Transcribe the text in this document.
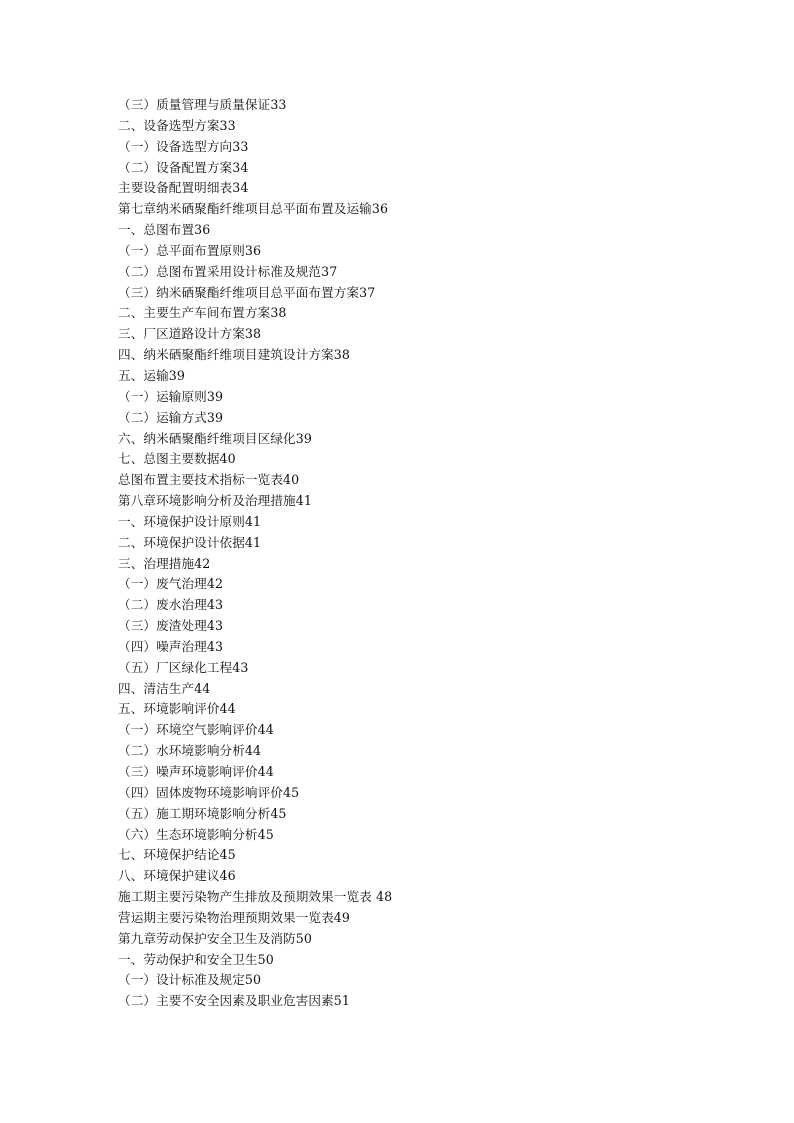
（三）质量管理与质量保证33
二、设备选型方案33
（一）设备选型方向33
（二）设备配置方案34
主要设备配置明细表34
第七章纳米硒聚酯纤维项目总平面布置及运输36
一、总图布置36
（一）总平面布置原则36
（二）总图布置采用设计标准及规范37
（三）纳米硒聚酯纤维项目总平面布置方案37
二、主要生产车间布置方案38
三、厂区道路设计方案38
四、纳米硒聚酯纤维项目建筑设计方案38
五、运输39
（一）运输原则39
（二）运输方式39
六、纳米硒聚酯纤维项目区绿化39
七、总图主要数据40
总图布置主要技术指标一览表40
第八章环境影响分析及治理措施41
一、环境保护设计原则41
二、环境保护设计依据41
三、治理措施42
（一）废气治理42
（二）废水治理43
（三）废渣处理43
（四）噪声治理43
（五）厂区绿化工程43
四、清洁生产44
五、环境影响评价44
（一）环境空气影响评价44
（二）水环境影响分析44
（三）噪声环境影响评价44
（四）固体废物环境影响评价45
（五）施工期环境影响分析45
（六）生态环境影响分析45
七、环境保护结论45
八、环境保护建议46
施工期主要污染物产生排放及预期效果一览表 48
营运期主要污染物治理预期效果一览表49
第九章劳动保护安全卫生及消防50
一、劳动保护和安全卫生50
（一）设计标准及规定50
（二）主要不安全因素及职业危害因素51
